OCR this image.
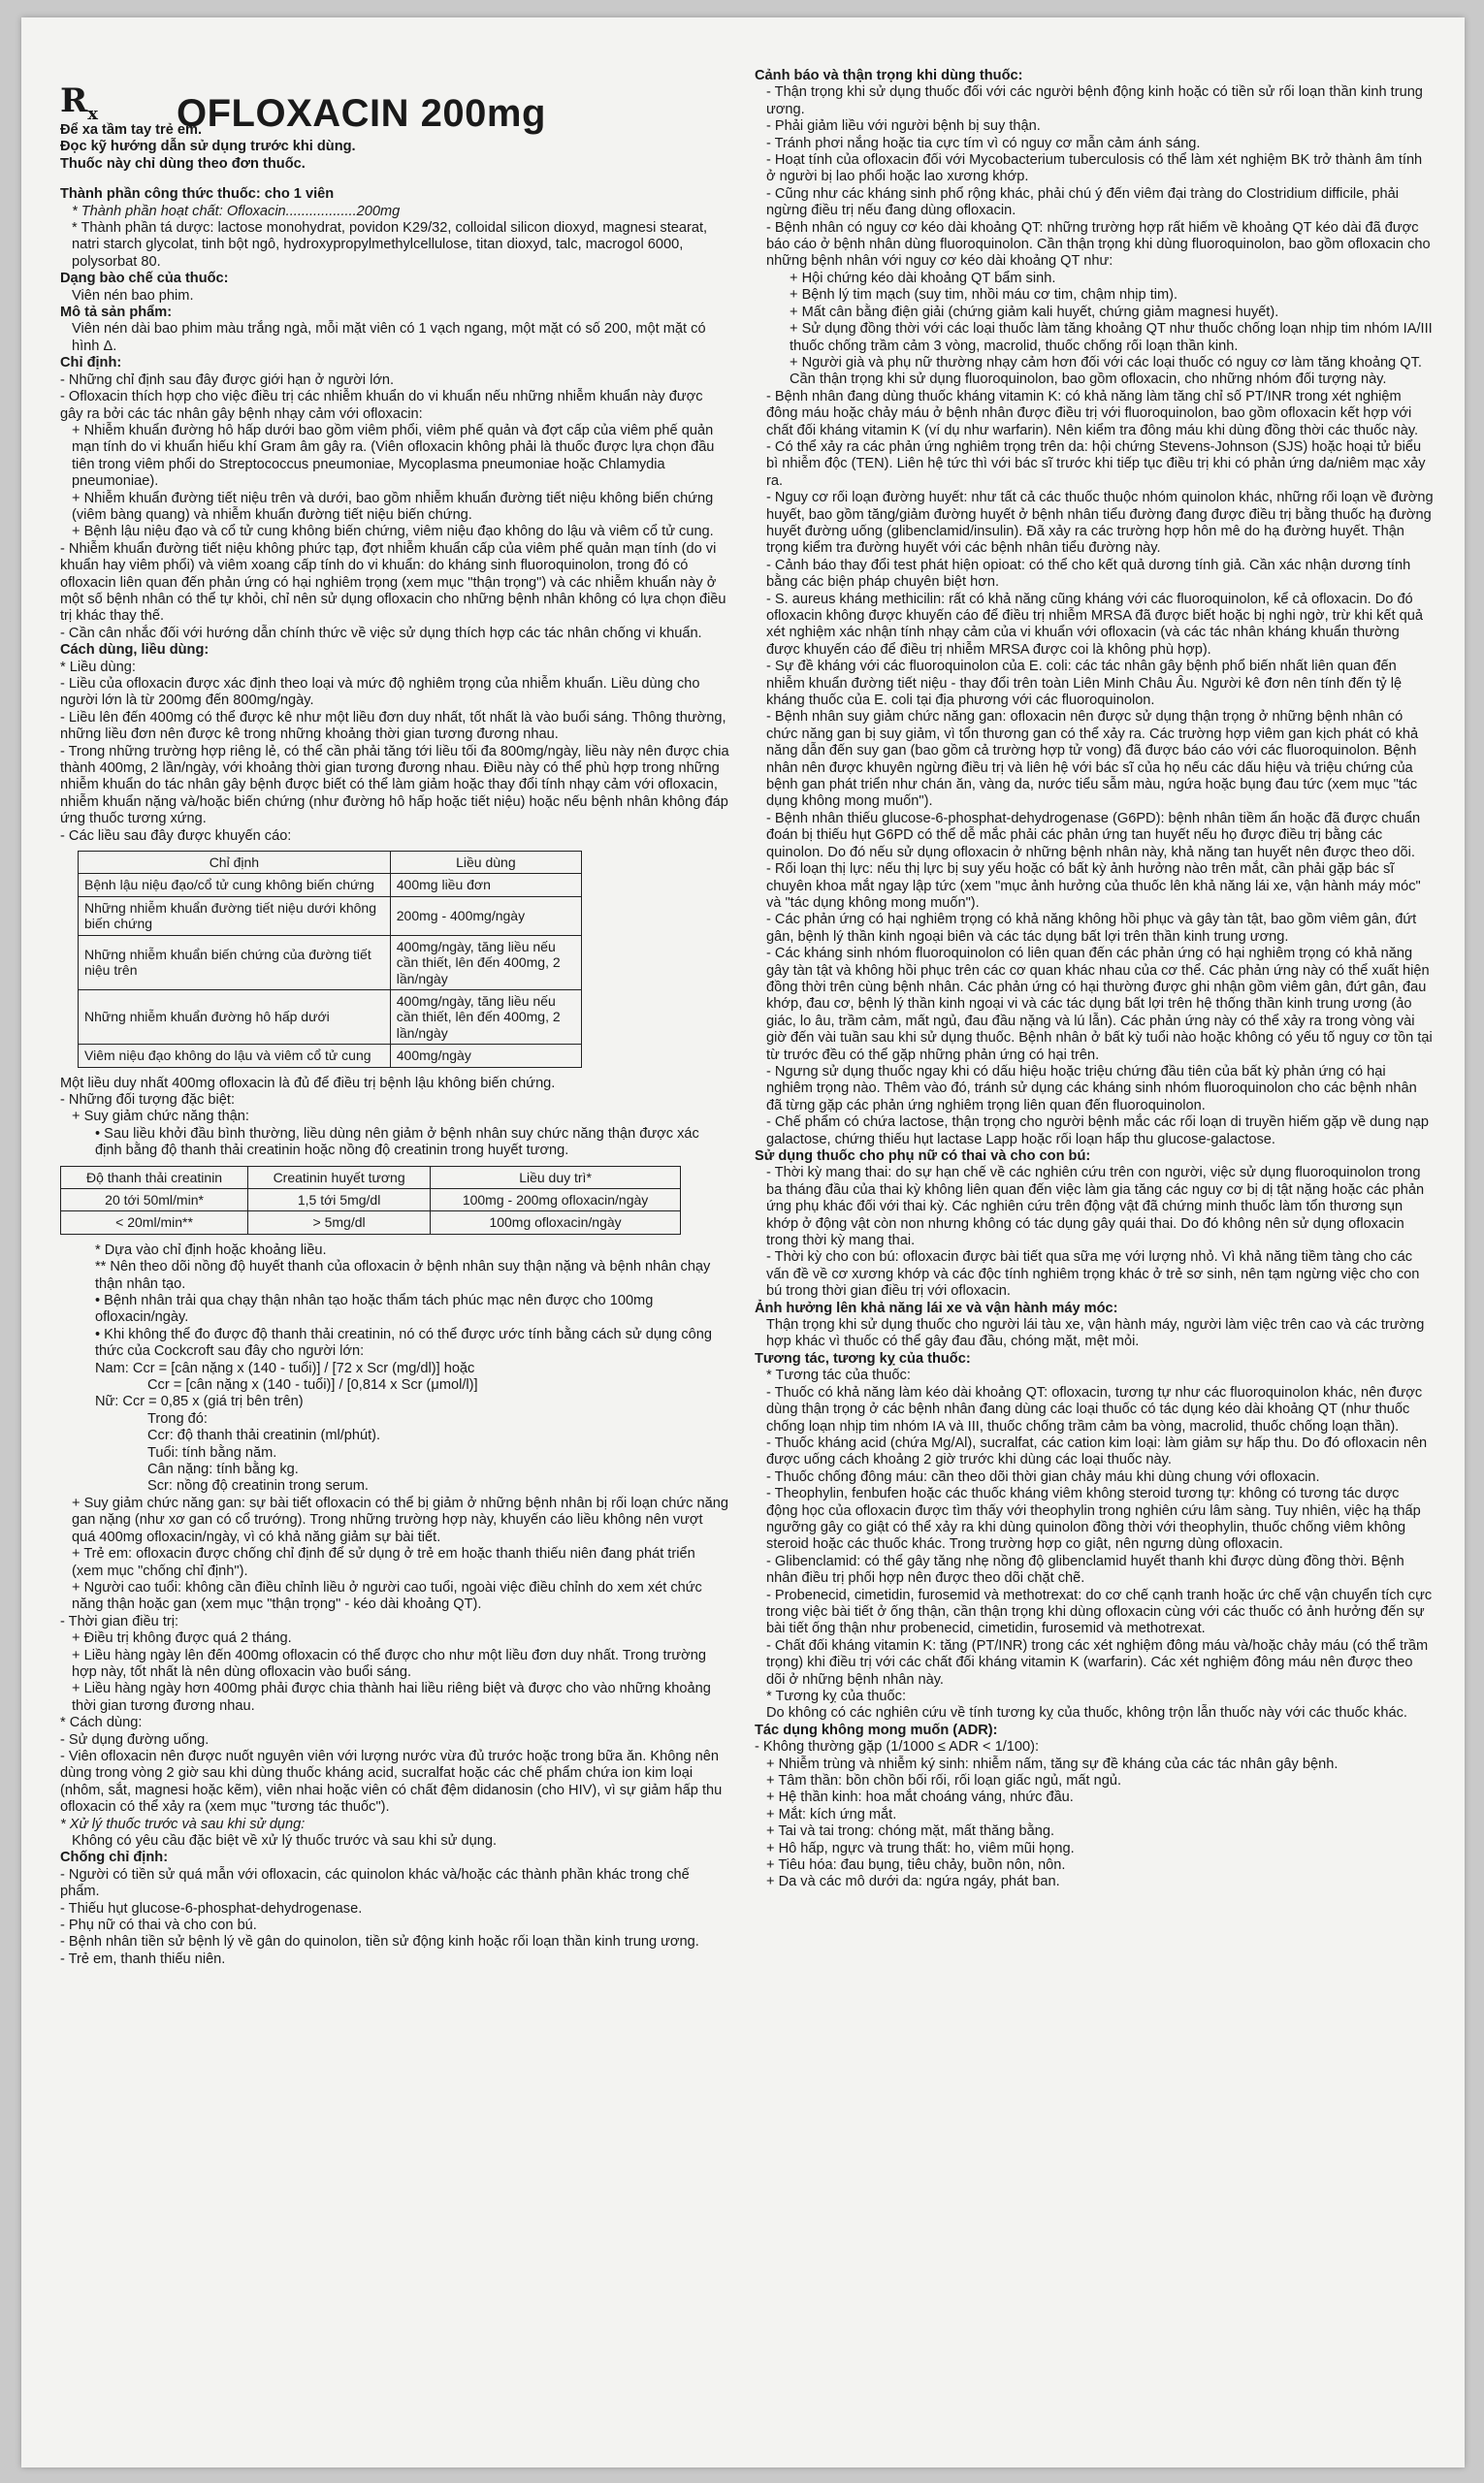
$R_x$	OFLOXACIN 200mg
Để xa tầm tay trẻ em.
Đọc kỹ hướng dẫn sử dụng trước khi dùng.
Thuốc này chỉ dùng theo đơn thuốc.
Thành phần công thức thuốc: cho 1 viên
* Thành phần hoạt chất: Ofloxacin..................200mg
* Thành phần tá dược: lactose monohydrat, povidon K29/32, colloidal silicon dioxyd, magnesi stearat, natri starch glycolat, tinh bột ngô, hydroxypropylmethylcellulose, titan dioxyd, talc, macrogol 6000, polysorbat 80.
Dạng bào chế của thuốc:
Viên nén bao phim.
Mô tả sản phẩm:
Viên nén dài bao phim màu trắng ngà, mỗi mặt viên có 1 vạch ngang, một mặt có số 200, một mặt có hình Δ.
Chỉ định:
- Những chỉ định sau đây được giới hạn ở người lớn.
- Ofloxacin thích hợp cho việc điều trị các nhiễm khuẩn do vi khuẩn nếu những nhiễm khuẩn này được gây ra bởi các tác nhân gây bệnh nhạy cảm với ofloxacin:
+ Nhiễm khuẩn đường hô hấp dưới bao gồm viêm phổi, viêm phế quản và đợt cấp của viêm phế quản mạn tính do vi khuẩn hiếu khí Gram âm gây ra. (Viên ofloxacin không phải là thuốc được lựa chọn đầu tiên trong viêm phổi do Streptococcus pneumoniae, Mycoplasma pneumoniae hoặc Chlamydia pneumoniae).
+ Nhiễm khuẩn đường tiết niệu trên và dưới, bao gồm nhiễm khuẩn đường tiết niệu không biến chứng (viêm bàng quang) và nhiễm khuẩn đường tiết niệu biến chứng.
+ Bệnh lậu niệu đạo và cổ tử cung không biến chứng, viêm niệu đạo không do lậu và viêm cổ tử cung.
- Nhiễm khuẩn đường tiết niệu không phức tạp, đợt nhiễm khuẩn cấp của viêm phế quản mạn tính (do vi khuẩn hay viêm phổi) và viêm xoang cấp tính do vi khuẩn: do kháng sinh fluoroquinolon, trong đó có ofloxacin liên quan đến phản ứng có hại nghiêm trọng (xem mục "thận trọng") và các nhiễm khuẩn này ở một số bệnh nhân có thể tự khỏi, chỉ nên sử dụng ofloxacin cho những bệnh nhân không có lựa chọn điều trị khác thay thế.
- Cần cân nhắc đối với hướng dẫn chính thức về việc sử dụng thích hợp các tác nhân chống vi khuẩn.
Cách dùng, liều dùng:
* Liều dùng:
- Liều của ofloxacin được xác định theo loại và mức độ nghiêm trọng của nhiễm khuẩn. Liều dùng cho người lớn là từ 200mg đến 800mg/ngày.
- Liều lên đến 400mg có thể được kê như một liều đơn duy nhất, tốt nhất là vào buổi sáng. Thông thường, những liều đơn nên được kê trong những khoảng thời gian tương đương nhau.
- Trong những trường hợp riêng lẻ, có thể cần phải tăng tới liều tối đa 800mg/ngày, liều này nên được chia thành 400mg, 2 lần/ngày, với khoảng thời gian tương đương nhau. Điều này có thể phù hợp trong những nhiễm khuẩn do tác nhân gây bệnh được biết có thể làm giảm hoặc thay đổi tính nhạy cảm với ofloxacin, nhiễm khuẩn nặng và/hoặc biến chứng (như đường hô hấp hoặc tiết niệu) hoặc nếu bệnh nhân không đáp ứng thuốc tương xứng.
- Các liều sau đây được khuyến cáo:
Chỉ định	Liều dùng
Bệnh lậu niệu đạo/cổ tử cung không biến chứng	400mg liều đơn
Những nhiễm khuẩn đường tiết niệu dưới không biến chứng	200mg - 400mg/ngày
Những nhiễm khuẩn biến chứng của đường tiết niệu trên	400mg/ngày, tăng liều nếu cần thiết, lên đến 400mg, 2 lần/ngày
Những nhiễm khuẩn đường hô hấp dưới	400mg/ngày, tăng liều nếu cần thiết, lên đến 400mg, 2 lần/ngày
Viêm niệu đạo không do lậu và viêm cổ tử cung	400mg/ngày
Một liều duy nhất 400mg ofloxacin là đủ để điều trị bệnh lậu không biến chứng.
- Những đối tượng đặc biệt:
+ Suy giảm chức năng thận:
• Sau liều khởi đầu bình thường, liều dùng nên giảm ở bệnh nhân suy chức năng thận được xác định bằng độ thanh thải creatinin hoặc nồng độ creatinin trong huyết tương.
Độ thanh thải creatinin	Creatinin huyết tương	Liều duy trì*
20 tới 50ml/min*	1,5 tới 5mg/dl	100mg - 200mg ofloxacin/ngày
< 20ml/min**	> 5mg/dl	100mg ofloxacin/ngày
* Dựa vào chỉ định hoặc khoảng liều.
** Nên theo dõi nồng độ huyết thanh của ofloxacin ở bệnh nhân suy thận nặng và bệnh nhân chạy thận nhân tạo.
• Bệnh nhân trải qua chạy thận nhân tạo hoặc thẩm tách phúc mạc nên được cho 100mg ofloxacin/ngày.
• Khi không thể đo được độ thanh thải creatinin, nó có thể được ước tính bằng cách sử dụng công thức của Cockcroft sau đây cho người lớn:
Nam: Ccr = [cân nặng x (140 - tuổi)] / [72 x Scr (mg/dl)] hoặc
Ccr = [cân nặng x (140 - tuổi)] / [0,814 x Scr (μmol/l)]
Nữ: Ccr = 0,85 x (giá trị bên trên)
Trong đó:
Ccr: độ thanh thải creatinin (ml/phút).
Tuổi: tính bằng năm.
Cân nặng: tính bằng kg.
Scr: nồng độ creatinin trong serum.
+ Suy giảm chức năng gan: sự bài tiết ofloxacin có thể bị giảm ở những bệnh nhân bị rối loạn chức năng gan nặng (như xơ gan có cổ trướng). Trong những trường hợp này, khuyến cáo liều không nên vượt quá 400mg ofloxacin/ngày, vì có khả năng giảm sự bài tiết.
+ Trẻ em: ofloxacin được chống chỉ định để sử dụng ở trẻ em hoặc thanh thiếu niên đang phát triển (xem mục "chống chỉ định").
+ Người cao tuổi: không cần điều chỉnh liều ở người cao tuổi, ngoài việc điều chỉnh do xem xét chức năng thận hoặc gan (xem mục "thận trọng" - kéo dài khoảng QT).
- Thời gian điều trị:
+ Điều trị không được quá 2 tháng.
+ Liều hàng ngày lên đến 400mg ofloxacin có thể được cho như một liều đơn duy nhất. Trong trường hợp này, tốt nhất là nên dùng ofloxacin vào buổi sáng.
+ Liều hàng ngày hơn 400mg phải được chia thành hai liều riêng biệt và được cho vào những khoảng thời gian tương đương nhau.
* Cách dùng:
- Sử dụng đường uống.
- Viên ofloxacin nên được nuốt nguyên viên với lượng nước vừa đủ trước hoặc trong bữa ăn. Không nên dùng trong vòng 2 giờ sau khi dùng thuốc kháng acid, sucralfat hoặc các chế phẩm chứa ion kim loại (nhôm, sắt, magnesi hoặc kẽm), viên nhai hoặc viên có chất đệm didanosin (cho HIV), vì sự giảm hấp thu ofloxacin có thể xảy ra (xem mục "tương tác thuốc").
* Xử lý thuốc trước và sau khi sử dụng:
Không có yêu cầu đặc biệt về xử lý thuốc trước và sau khi sử dụng.
Chống chỉ định:
- Người có tiền sử quá mẫn với ofloxacin, các quinolon khác và/hoặc các thành phần khác trong chế phẩm.
- Thiếu hụt glucose-6-phosphat-dehydrogenase.
- Phụ nữ có thai và cho con bú.
- Bệnh nhân tiền sử bệnh lý về gân do quinolon, tiền sử động kinh hoặc rối loạn thần kinh trung ương.
- Trẻ em, thanh thiếu niên.
Cảnh báo và thận trọng khi dùng thuốc:
- Thận trọng khi sử dụng thuốc đối với các người bệnh động kinh hoặc có tiền sử rối loạn thần kinh trung ương.
- Phải giảm liều với người bệnh bị suy thận.
- Tránh phơi nắng hoặc tia cực tím vì có nguy cơ mẫn cảm ánh sáng.
- Hoạt tính của ofloxacin đối với Mycobacterium tuberculosis có thể làm xét nghiệm BK trở thành âm tính ở người bị lao phổi hoặc lao xương khớp.
- Cũng như các kháng sinh phổ rộng khác, phải chú ý đến viêm đại tràng do Clostridium difficile, phải ngừng điều trị nếu đang dùng ofloxacin.
- Bệnh nhân có nguy cơ kéo dài khoảng QT: những trường hợp rất hiếm về khoảng QT kéo dài đã được báo cáo ở bệnh nhân dùng fluoroquinolon. Cần thận trọng khi dùng fluoroquinolon, bao gồm ofloxacin cho những bệnh nhân với nguy cơ kéo dài khoảng QT như:
+ Hội chứng kéo dài khoảng QT bẩm sinh.
+ Bệnh lý tim mạch (suy tim, nhồi máu cơ tim, chậm nhịp tim).
+ Mất cân bằng điện giải (chứng giảm kali huyết, chứng giảm magnesi huyết).
+ Sử dụng đồng thời với các loại thuốc làm tăng khoảng QT như thuốc chống loạn nhịp tim nhóm IA/III thuốc chống trầm cảm 3 vòng, macrolid, thuốc chống rối loạn thần kinh.
+ Người già và phụ nữ thường nhạy cảm hơn đối với các loại thuốc có nguy cơ làm tăng khoảng QT. Cần thận trọng khi sử dụng fluoroquinolon, bao gồm ofloxacin, cho những nhóm đối tượng này.
- Bệnh nhân đang dùng thuốc kháng vitamin K: có khả năng làm tăng chỉ số PT/INR trong xét nghiệm đông máu hoặc chảy máu ở bệnh nhân được điều trị với fluoroquinolon, bao gồm ofloxacin kết hợp với chất đối kháng vitamin K (ví dụ như warfarin). Nên kiểm tra đông máu khi dùng đồng thời các thuốc này.
- Có thể xảy ra các phản ứng nghiêm trọng trên da: hội chứng Stevens-Johnson (SJS) hoặc hoại tử biểu bì nhiễm độc (TEN). Liên hệ tức thì với bác sĩ trước khi tiếp tục điều trị khi có phản ứng da/niêm mạc xảy ra.
- Nguy cơ rối loạn đường huyết: như tất cả các thuốc thuộc nhóm quinolon khác, những rối loạn về đường huyết, bao gồm tăng/giảm đường huyết ở bệnh nhân tiểu đường đang được điều trị bằng thuốc hạ đường huyết đường uống (glibenclamid/insulin). Đã xảy ra các trường hợp hôn mê do hạ đường huyết. Thận trọng kiểm tra đường huyết với các bệnh nhân tiểu đường này.
- Cảnh báo thay đổi test phát hiện opioat: có thể cho kết quả dương tính giả. Cần xác nhận dương tính bằng các biện pháp chuyên biệt hơn.
- S. aureus kháng methicilin: rất có khả năng cũng kháng với các fluoroquinolon, kể cả ofloxacin. Do đó ofloxacin không được khuyến cáo để điều trị nhiễm MRSA đã được biết hoặc bị nghi ngờ, trừ khi kết quả xét nghiệm xác nhận tính nhạy cảm của vi khuẩn với ofloxacin (và các tác nhân kháng khuẩn thường được khuyến cáo để điều trị nhiễm MRSA được coi là không phù hợp).
- Sự đề kháng với các fluoroquinolon của E. coli: các tác nhân gây bệnh phổ biến nhất liên quan đến nhiễm khuẩn đường tiết niệu - thay đổi trên toàn Liên Minh Châu Âu. Người kê đơn nên tính đến tỷ lệ kháng thuốc của E. coli tại địa phương với các fluoroquinolon.
- Bệnh nhân suy giảm chức năng gan: ofloxacin nên được sử dụng thận trọng ở những bệnh nhân có chức năng gan bị suy giảm, vì tổn thương gan có thể xảy ra. Các trường hợp viêm gan kịch phát có khả năng dẫn đến suy gan (bao gồm cả trường hợp tử vong) đã được báo cáo với các fluoroquinolon. Bệnh nhân nên được khuyên ngừng điều trị và liên hệ với bác sĩ của họ nếu các dấu hiệu và triệu chứng của bệnh gan phát triển như chán ăn, vàng da, nước tiểu sẫm màu, ngứa hoặc bụng đau tức (xem mục "tác dụng không mong muốn").
- Bệnh nhân thiếu glucose-6-phosphat-dehydrogenase (G6PD): bệnh nhân tiềm ẩn hoặc đã được chuẩn đoán bị thiếu hụt G6PD có thể dễ mắc phải các phản ứng tan huyết nếu họ được điều trị bằng các quinolon. Do đó nếu sử dụng ofloxacin ở những bệnh nhân này, khả năng tan huyết nên được theo dõi.
- Rối loạn thị lực: nếu thị lực bị suy yếu hoặc có bất kỳ ảnh hưởng nào trên mắt, cần phải gặp bác sĩ chuyên khoa mắt ngay lập tức (xem "mục ảnh hưởng của thuốc lên khả năng lái xe, vận hành máy móc" và "tác dụng không mong muốn").
- Các phản ứng có hại nghiêm trọng có khả năng không hồi phục và gây tàn tật, bao gồm viêm gân, đứt gân, bệnh lý thần kinh ngoại biên và các tác dụng bất lợi trên thần kinh trung ương.
- Các kháng sinh nhóm fluoroquinolon có liên quan đến các phản ứng có hại nghiêm trọng có khả năng gây tàn tật và không hồi phục trên các cơ quan khác nhau của cơ thể. Các phản ứng này có thể xuất hiện đồng thời trên cùng bệnh nhân. Các phản ứng có hại thường được ghi nhận gồm viêm gân, đứt gân, đau khớp, đau cơ, bệnh lý thần kinh ngoại vi và các tác dụng bất lợi trên hệ thống thần kinh trung ương (ảo giác, lo âu, trầm cảm, mất ngủ, đau đầu nặng và lú lẫn). Các phản ứng này có thể xảy ra trong vòng vài giờ đến vài tuần sau khi sử dụng thuốc. Bệnh nhân ở bất kỳ tuổi nào hoặc không có yếu tố nguy cơ tồn tại từ trước đều có thể gặp những phản ứng có hại trên.
- Ngưng sử dụng thuốc ngay khi có dấu hiệu hoặc triệu chứng đầu tiên của bất kỳ phản ứng có hại nghiêm trọng nào. Thêm vào đó, tránh sử dụng các kháng sinh nhóm fluoroquinolon cho các bệnh nhân đã từng gặp các phản ứng nghiêm trọng liên quan đến fluoroquinolon.
- Chế phẩm có chứa lactose, thận trọng cho người bệnh mắc các rối loạn di truyền hiếm gặp về dung nạp galactose, chứng thiếu hụt lactase Lapp hoặc rối loạn hấp thu glucose-galactose.
Sử dụng thuốc cho phụ nữ có thai và cho con bú:
- Thời kỳ mang thai: do sự hạn chế về các nghiên cứu trên con người, việc sử dụng fluoroquinolon trong ba tháng đầu của thai kỳ không liên quan đến việc làm gia tăng các nguy cơ bị dị tật nặng hoặc các phản ứng phụ khác đối với thai kỳ. Các nghiên cứu trên động vật đã chứng minh thuốc làm tổn thương sụn khớp ở động vật còn non nhưng không có tác dụng gây quái thai. Do đó không nên sử dụng ofloxacin trong thời kỳ mang thai.
- Thời kỳ cho con bú: ofloxacin được bài tiết qua sữa mẹ với lượng nhỏ. Vì khả năng tiềm tàng cho các vấn đề về cơ xương khớp và các độc tính nghiêm trọng khác ở trẻ sơ sinh, nên tạm ngừng việc cho con bú trong thời gian điều trị với ofloxacin.
Ảnh hưởng lên khả năng lái xe và vận hành máy móc:
Thận trọng khi sử dụng thuốc cho người lái tàu xe, vận hành máy, người làm việc trên cao và các trường hợp khác vì thuốc có thể gây đau đầu, chóng mặt, mệt mỏi.
Tương tác, tương kỵ của thuốc:
* Tương tác của thuốc:
- Thuốc có khả năng làm kéo dài khoảng QT: ofloxacin, tương tự như các fluoroquinolon khác, nên được dùng thận trọng ở các bệnh nhân đang dùng các loại thuốc có tác dụng kéo dài khoảng QT (như thuốc chống loạn nhịp tim nhóm IA và III, thuốc chống trầm cảm ba vòng, macrolid, thuốc chống loạn thần).
- Thuốc kháng acid (chứa Mg/Al), sucralfat, các cation kim loại: làm giảm sự hấp thu. Do đó ofloxacin nên được uống cách khoảng 2 giờ trước khi dùng các loại thuốc này.
- Thuốc chống đông máu: cần theo dõi thời gian chảy máu khi dùng chung với ofloxacin.
- Theophylin, fenbufen hoặc các thuốc kháng viêm không steroid tương tự: không có tương tác dược động học của ofloxacin được tìm thấy với theophylin trong nghiên cứu lâm sàng. Tuy nhiên, việc hạ thấp ngưỡng gây co giật có thể xảy ra khi dùng quinolon đồng thời với theophylin, thuốc chống viêm không steroid hoặc các thuốc khác. Trong trường hợp co giật, nên ngưng dùng ofloxacin.
- Glibenclamid: có thể gây tăng nhẹ nồng độ glibenclamid huyết thanh khi được dùng đồng thời. Bệnh nhân điều trị phối hợp nên được theo dõi chặt chẽ.
- Probenecid, cimetidin, furosemid và methotrexat: do cơ chế cạnh tranh hoặc ức chế vận chuyển tích cực trong việc bài tiết ở ống thận, cần thận trọng khi dùng ofloxacin cùng với các thuốc có ảnh hưởng đến sự bài tiết ống thận như probenecid, cimetidin, furosemid và methotrexat.
- Chất đối kháng vitamin K: tăng (PT/INR) trong các xét nghiệm đông máu và/hoặc chảy máu (có thể trầm trọng) khi điều trị với các chất đối kháng vitamin K (warfarin). Các xét nghiệm đông máu nên được theo dõi ở những bệnh nhân này.
* Tương kỵ của thuốc:
Do không có các nghiên cứu về tính tương kỵ của thuốc, không trộn lẫn thuốc này với các thuốc khác.
Tác dụng không mong muốn (ADR):
- Không thường gặp (1/1000 ≤ ADR < 1/100):
+ Nhiễm trùng và nhiễm ký sinh: nhiễm nấm, tăng sự đề kháng của các tác nhân gây bệnh.
+ Tâm thần: bồn chồn bối rối, rối loạn giấc ngủ, mất ngủ.
+ Hệ thần kinh: hoa mắt choáng váng, nhức đầu.
+ Mắt: kích ứng mắt.
+ Tai và tai trong: chóng mặt, mất thăng bằng.
+ Hô hấp, ngực và trung thất: ho, viêm mũi họng.
+ Tiêu hóa: đau bụng, tiêu chảy, buồn nôn, nôn.
+ Da và các mô dưới da: ngứa ngáy, phát ban.
